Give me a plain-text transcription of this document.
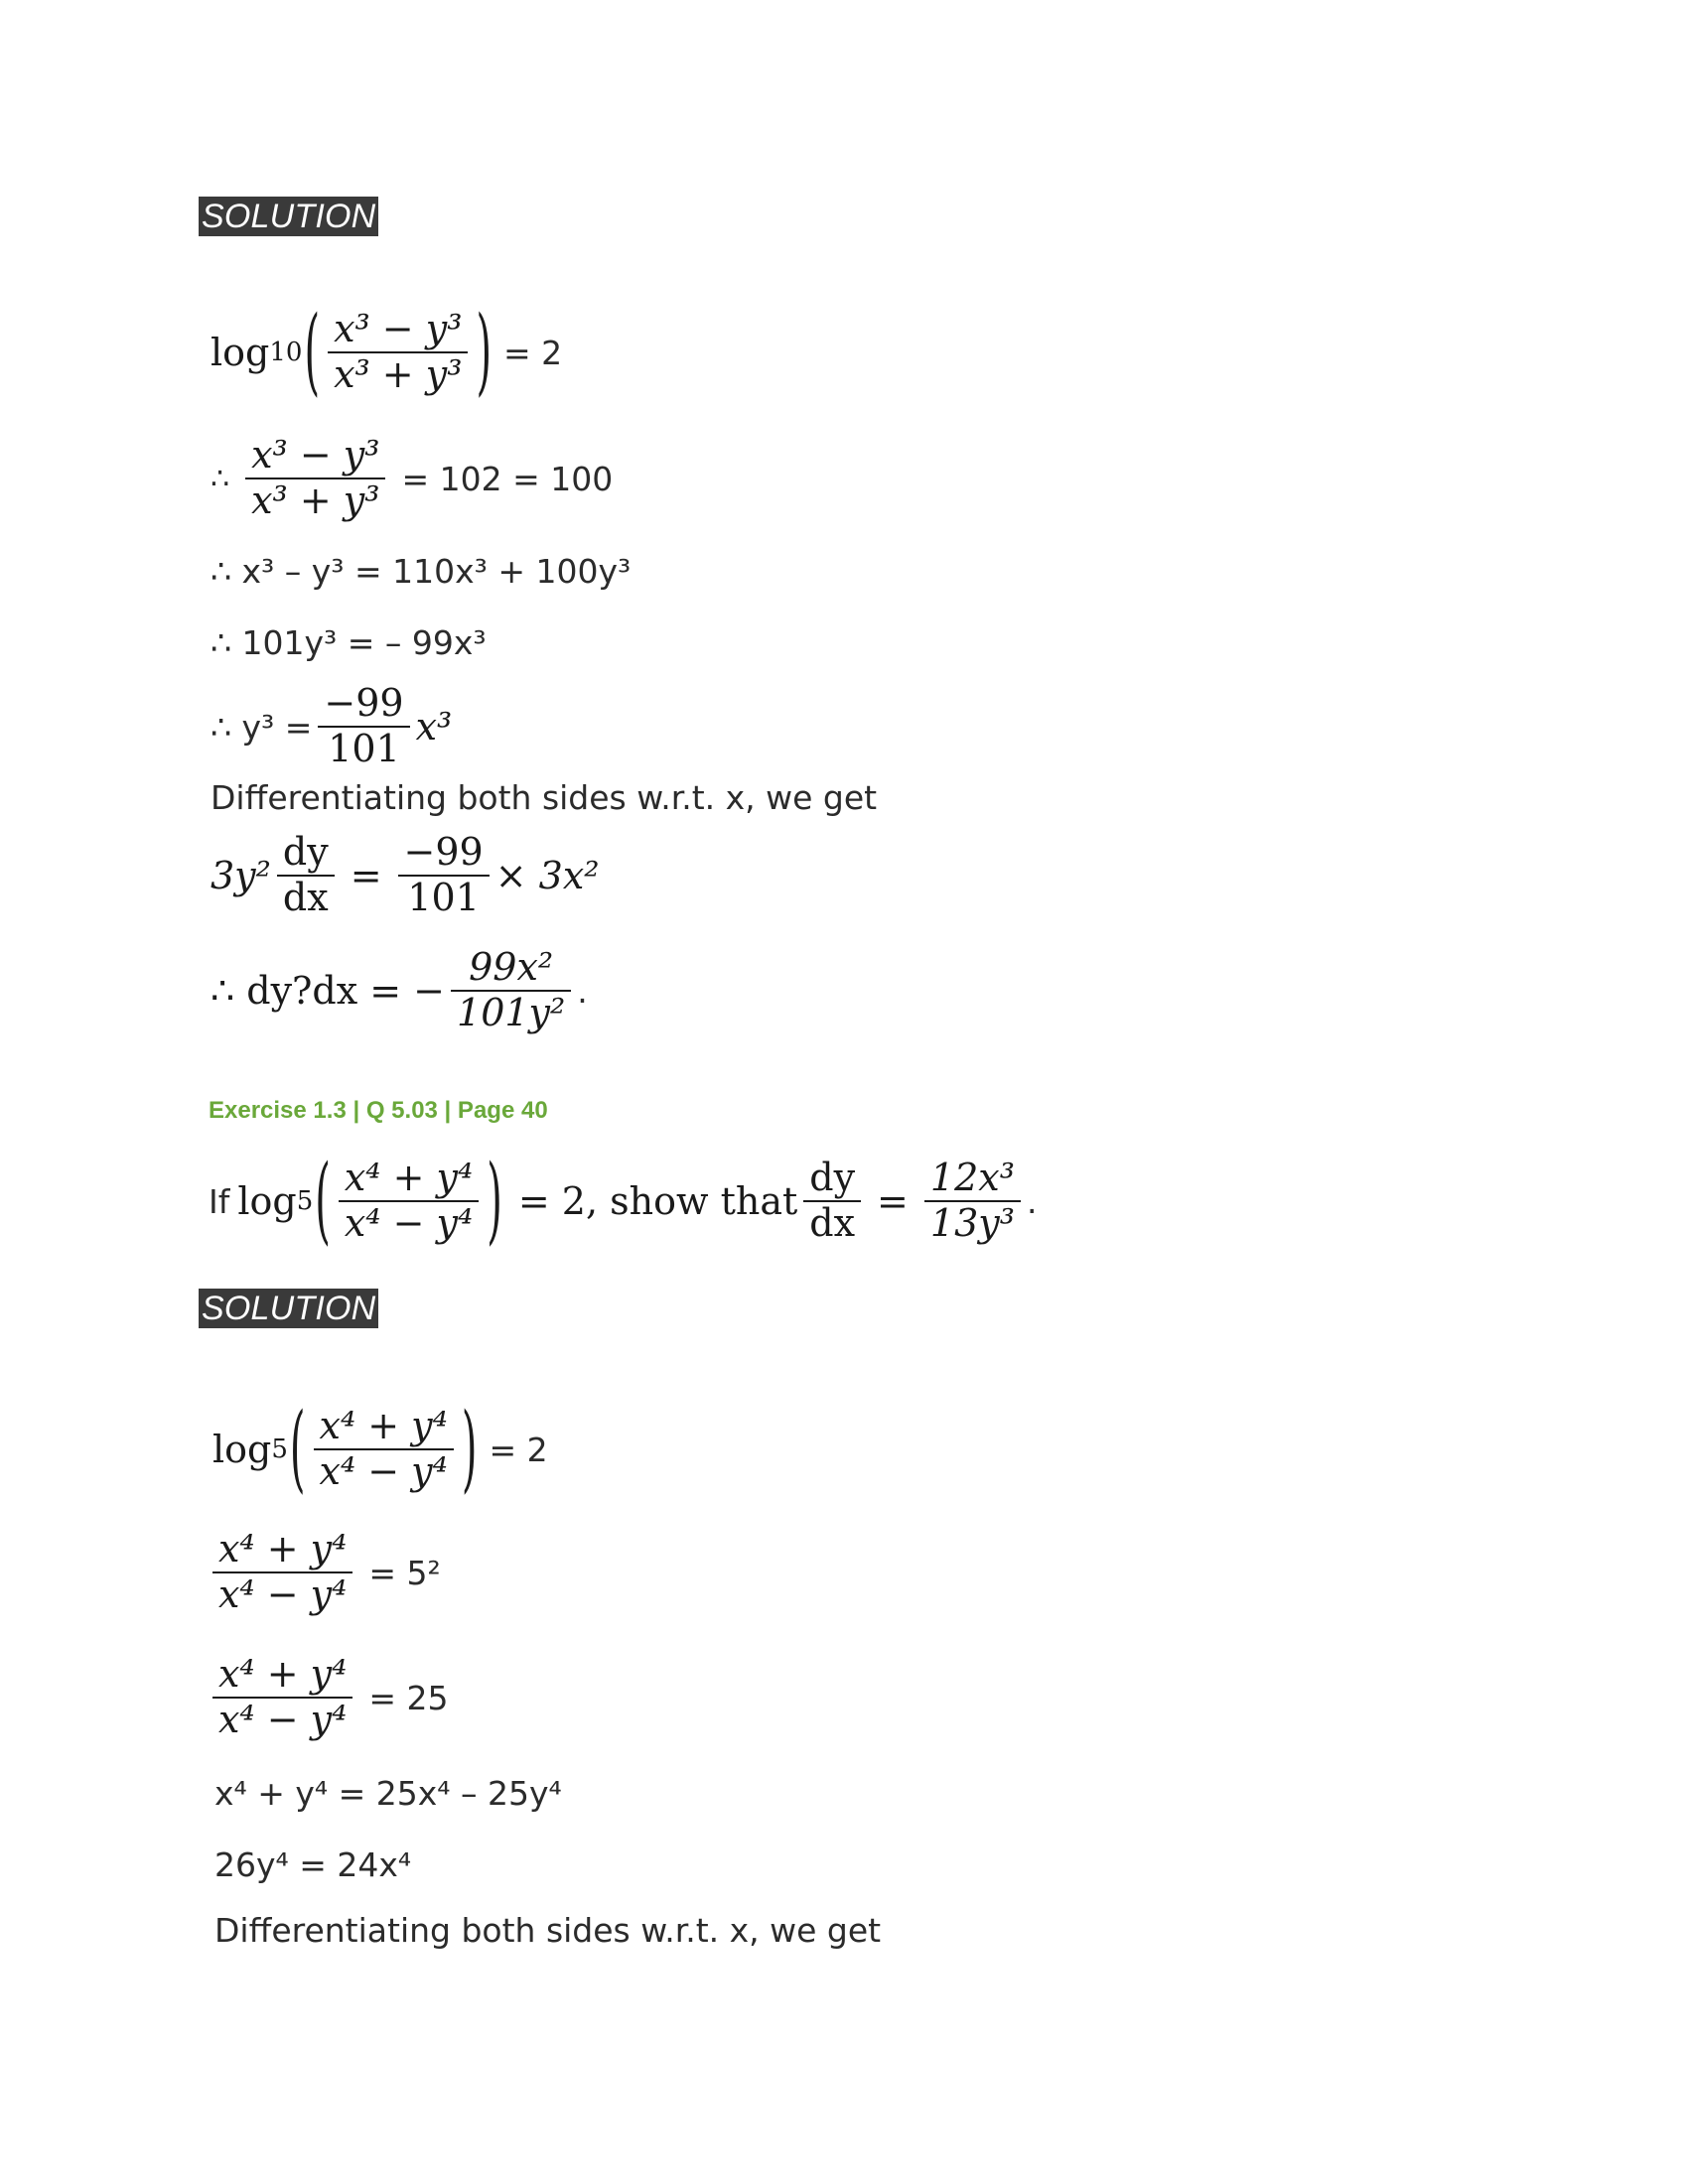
SOLUTION
log 10 ( $\frac{\text{x³ − y³}}{\text{x³ + y³}}$ ) = 2
∴ $\frac{\text{x³ − y³}}{\text{x³ + y³}} = 102 = 100$
∴ x³ – y³ = 110x³ + 100y³
∴ 101y³ = – 99x³
∴ $y^3 = \frac{-99}{101} x^3$
Differentiating both sides w.r.t. x, we get
$3y^2 \frac{dy}{dx} = \frac{-99}{101} \times 3x^2$
∴ dy?dx = − $\frac{\text{99x²}}{\text{101y²}}$ .
Exercise 1.3 | Q 5.03 | Page 40
If log 5 ( $\frac{\text{x⁴ + y⁴}}{\text{x⁴ − y⁴}}$ ) = 2, show that $\frac{dy}{dx} = \frac{\text{12x³}}{\text{13y³}}$ .
SOLUTION
log 5 ( $\frac{\text{x⁴ + y⁴}}{\text{x⁴ − y⁴}}$ ) = 2
$\frac{\text{x⁴ + y⁴}}{\text{x⁴ − y⁴}} = 5^2$
$\frac{\text{x⁴ + y⁴}}{\text{x⁴ − y⁴}} = 25$
x⁴ + y⁴ = 25x⁴ – 25y⁴
26y⁴ = 24x⁴
Differentiating both sides w.r.t. x, we get
